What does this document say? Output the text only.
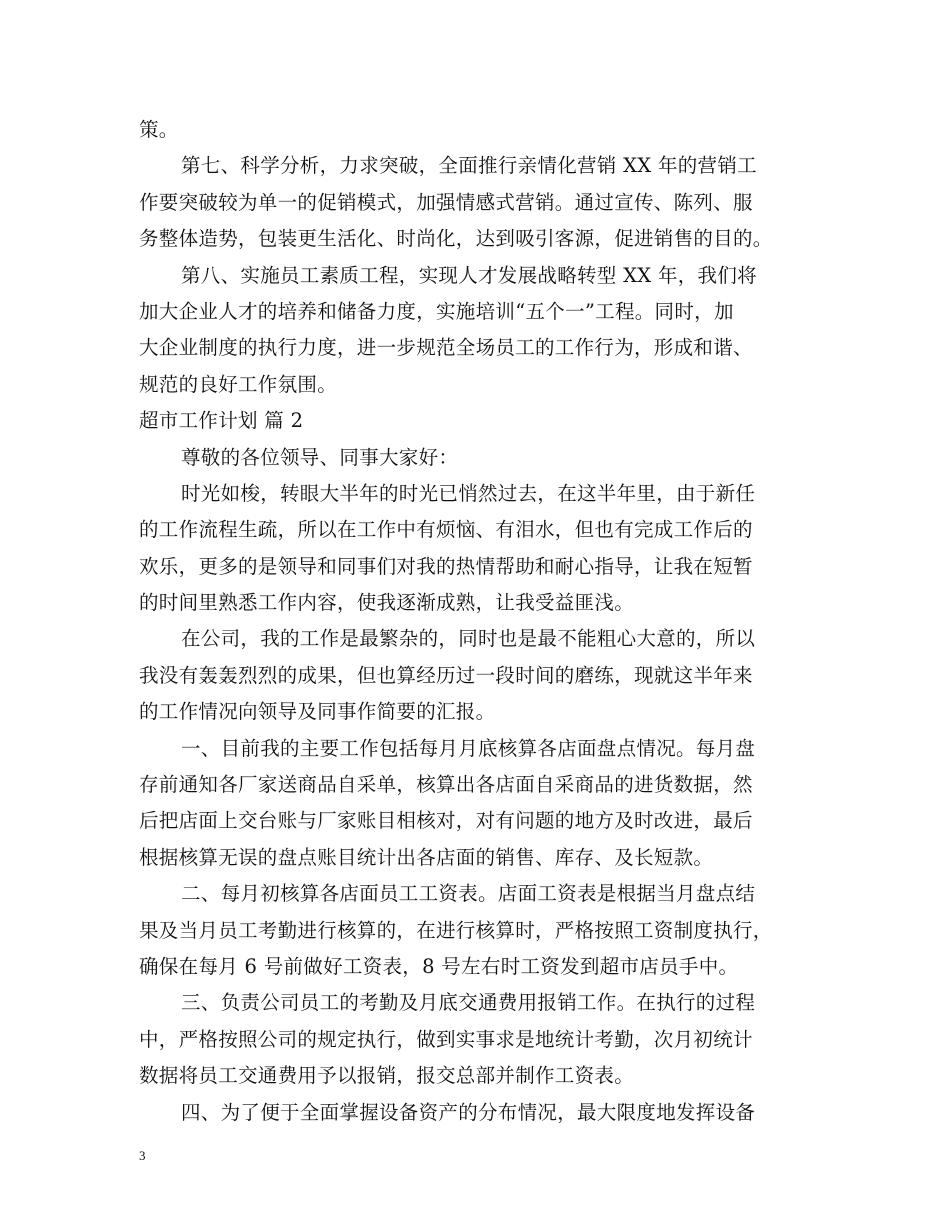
策。
第七、科学分析，力求突破，全面推行亲情化营销 XX 年的营销工
作要突破较为单一的促销模式，加强情感式营销。通过宣传、陈列、服
务整体造势，包装更生活化、时尚化，达到吸引客源，促进销售的目的。
第八、实施员工素质工程，实现人才发展战略转型 XX 年，我们将
加大企业人才的培养和储备力度，实施培训“五个一”工程。同时，加
大企业制度的执行力度，进一步规范全场员工的工作行为，形成和谐、
规范的良好工作氛围。
超市工作计划 篇 2
尊敬的各位领导、同事大家好：
时光如梭，转眼大半年的时光已悄然过去，在这半年里，由于新任
的工作流程生疏，所以在工作中有烦恼、有泪水，但也有完成工作后的
欢乐，更多的是领导和同事们对我的热情帮助和耐心指导，让我在短暂
的时间里熟悉工作内容，使我逐渐成熟，让我受益匪浅。
在公司，我的工作是最繁杂的，同时也是最不能粗心大意的，所以
我没有轰轰烈烈的成果，但也算经历过一段时间的磨练，现就这半年来
的工作情况向领导及同事作简要的汇报。
一、目前我的主要工作包括每月月底核算各店面盘点情况。每月盘
存前通知各厂家送商品自采单，核算出各店面自采商品的进货数据，然
后把店面上交台账与厂家账目相核对，对有问题的地方及时改进，最后
根据核算无误的盘点账目统计出各店面的销售、库存、及长短款。
二、每月初核算各店面员工工资表。店面工资表是根据当月盘点结
果及当月员工考勤进行核算的，在进行核算时，严格按照工资制度执行，
确保在每月 6 号前做好工资表，8 号左右时工资发到超市店员手中。
三、负责公司员工的考勤及月底交通费用报销工作。在执行的过程
中，严格按照公司的规定执行，做到实事求是地统计考勤，次月初统计
数据将员工交通费用予以报销，报交总部并制作工资表。
四、为了便于全面掌握设备资产的分布情况，最大限度地发挥设备
3
